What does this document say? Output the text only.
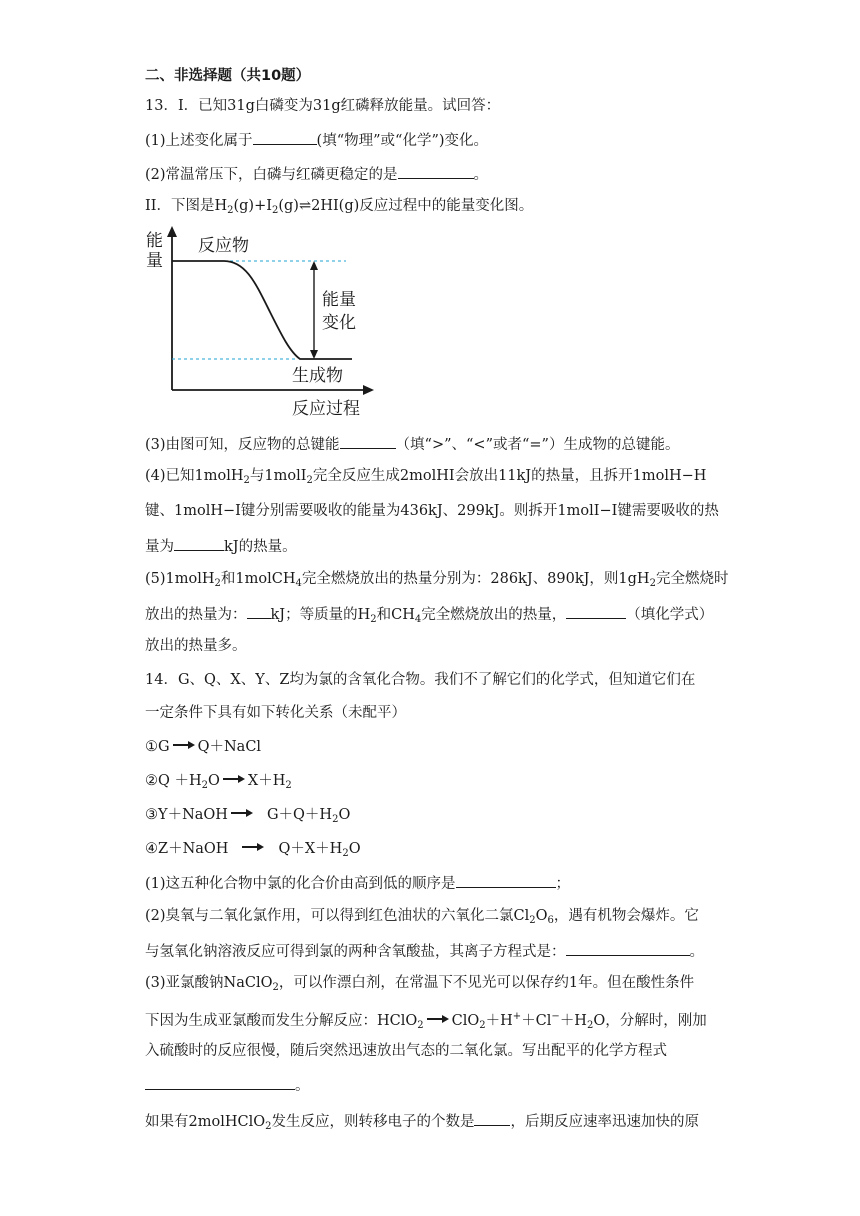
二、非选择题（共10题）
13．I．已知31g白磷变为31g红磷释放能量。试回答：
(1)上述变化属于	(填“物理”或“化学”)变化。
(2)常温常压下，白磷与红磷更稳定的是	。
II．下图是$H_2(g)+I_2(g)\rightleftharpoons 2HI(g)$反应过程中的能量变化图。
能
量
反应物
能量
变化
生成物
反应过程
(3)由图可知，反应物的总键能	（填“>”、“<”或者“=”）生成物的总键能。
(4)已知1molH$_2$与1molI$_2$完全反应生成2molHI会放出11kJ的热量，且拆开1molH−H
键、1molH−I键分别需要吸收的能量为436kJ、299kJ。则拆开1molI−I键需要吸收的热
量为	kJ的热量。
(5)1molH$_2$和1molCH$_4$完全燃烧放出的热量分别为：286kJ、890kJ，则$1gH_2$完全燃烧时
放出的热量为： kJ；等质量的$H_2$和$CH_4$完全燃烧放出的热量，	（填化学式）
放出的热量多。
14．G、Q、X、Y、Z均为氯的含氧化合物。我们不了解它们的化学式，但知道它们在
一定条件下具有如下转化关系（未配平）
①G Q＋NaCl
②Q $+H_2O$ $X+H_2$
③Y＋NaOH	$G+Q+H_2O$
④Z＋NaOH	$Q+X+H_2O$
(1)这五种化合物中氯的化合价由高到低的顺序是	；
(2)臭氧与二氧化氯作用，可以得到红色油状的六氧化二氯$Cl_2O_6$，遇有机物会爆炸。它
与氢氧化钠溶液反应可得到氯的两种含氧酸盐，其离子方程式是：	。
(3)亚氯酸钠NaClO$_2$，可以作漂白剂，在常温下不见光可以保存约1年。但在酸性条件
下因为生成亚氯酸而发生分解反应：HClO$_2$ $ClO_2+H^++Cl^-+H_2O$，分解时，刚加
入硫酸时的反应很慢，随后突然迅速放出气态的二氧化氯。写出配平的化学方程式
。
如果有2molHClO$_2$发生反应，则转移电子的个数是 ，后期反应速率迅速加快的原
